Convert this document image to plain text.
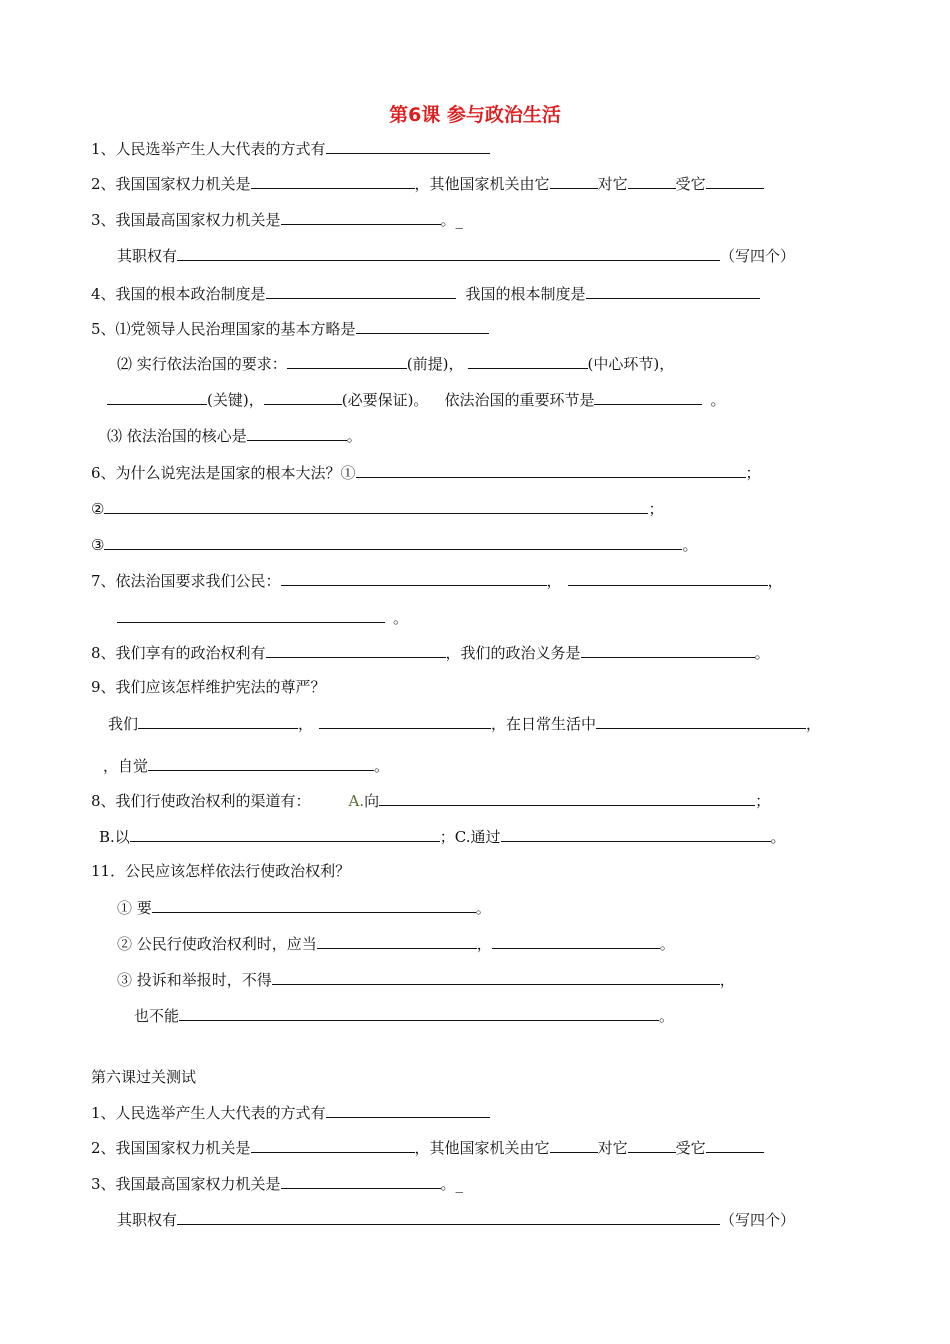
第6课 参与政治生活
1、人民选举产生人大代表的方式有
2、我国国家权力机关是	，其他国家机关由它	对它	受它
3、我国最高国家权力机关是	。_
其职权有	（写四个）
4、我国的根本政治制度是	我国的根本制度是
5、⑴党领导人民治理国家的基本方略是
⑵ 实行依法治国的要求：	(前提)，	(中心环节)，
(关键)，	(必要保证)。 依法治国的重要环节是	。
⑶ 依法治国的核心是	。
6、为什么说宪法是国家的根本大法？①	；
②	；
③	。
7、依法治国要求我们公民：	，	，
。
8、我们享有的政治权利有	，我们的政治义务是	。
9、我们应该怎样维护宪法的尊严？
我们	，	，在日常生活中	，
，自觉	。
8、我们行使政治权利的渠道有：	A.向	；
B.以	；C.通过	。
11．公民应该怎样依法行使政治权利？
① 要	。
② 公民行使政治权利时，应当	，	。
③ 投诉和举报时，不得	，
也不能	。
第六课过关测试
1、人民选举产生人大代表的方式有
2、我国国家权力机关是	，其他国家机关由它	对它	受它
3、我国最高国家权力机关是	。_
其职权有	（写四个）
